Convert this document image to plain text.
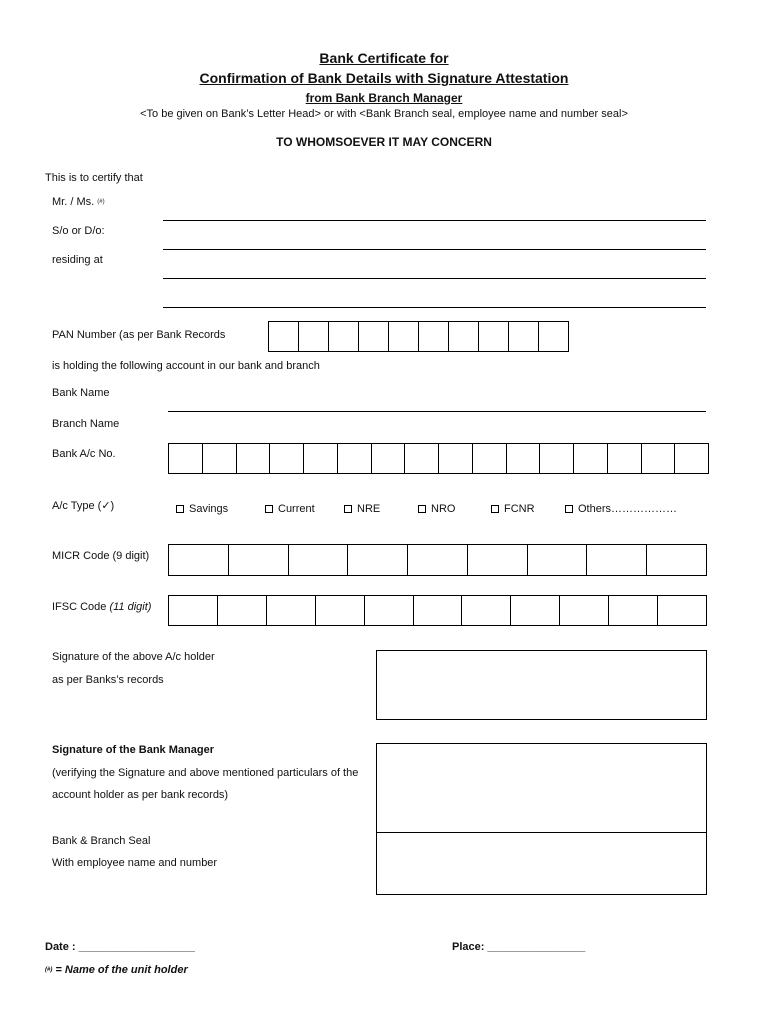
Bank Certificate for
Confirmation of Bank Details with Signature Attestation
from Bank Branch Manager
<To be given on Bank’s Letter Head> or with <Bank Branch seal, employee name and number seal>
TO WHOMSOEVER IT MAY CONCERN
This is to certify that
Mr. / Ms. (#)
S/o or D/o:
residing at
PAN Number (as per Bank Records
is holding the following account in our bank and branch
Bank Name
Branch Name
Bank A/c No.
A/c Type (✓)	Savings	Current	NRE	NRO	FCNR	Others………………
MICR Code (9 digit)
IFSC Code (11 digit)
Signature of the above A/c holder
as per Banks’s records
Signature of the Bank Manager
(verifying the Signature and above mentioned particulars of the
account holder as per bank records)
Bank & Branch Seal
With employee name and number
Date : ___________________	Place: ________________
(#) = Name of the unit holder
